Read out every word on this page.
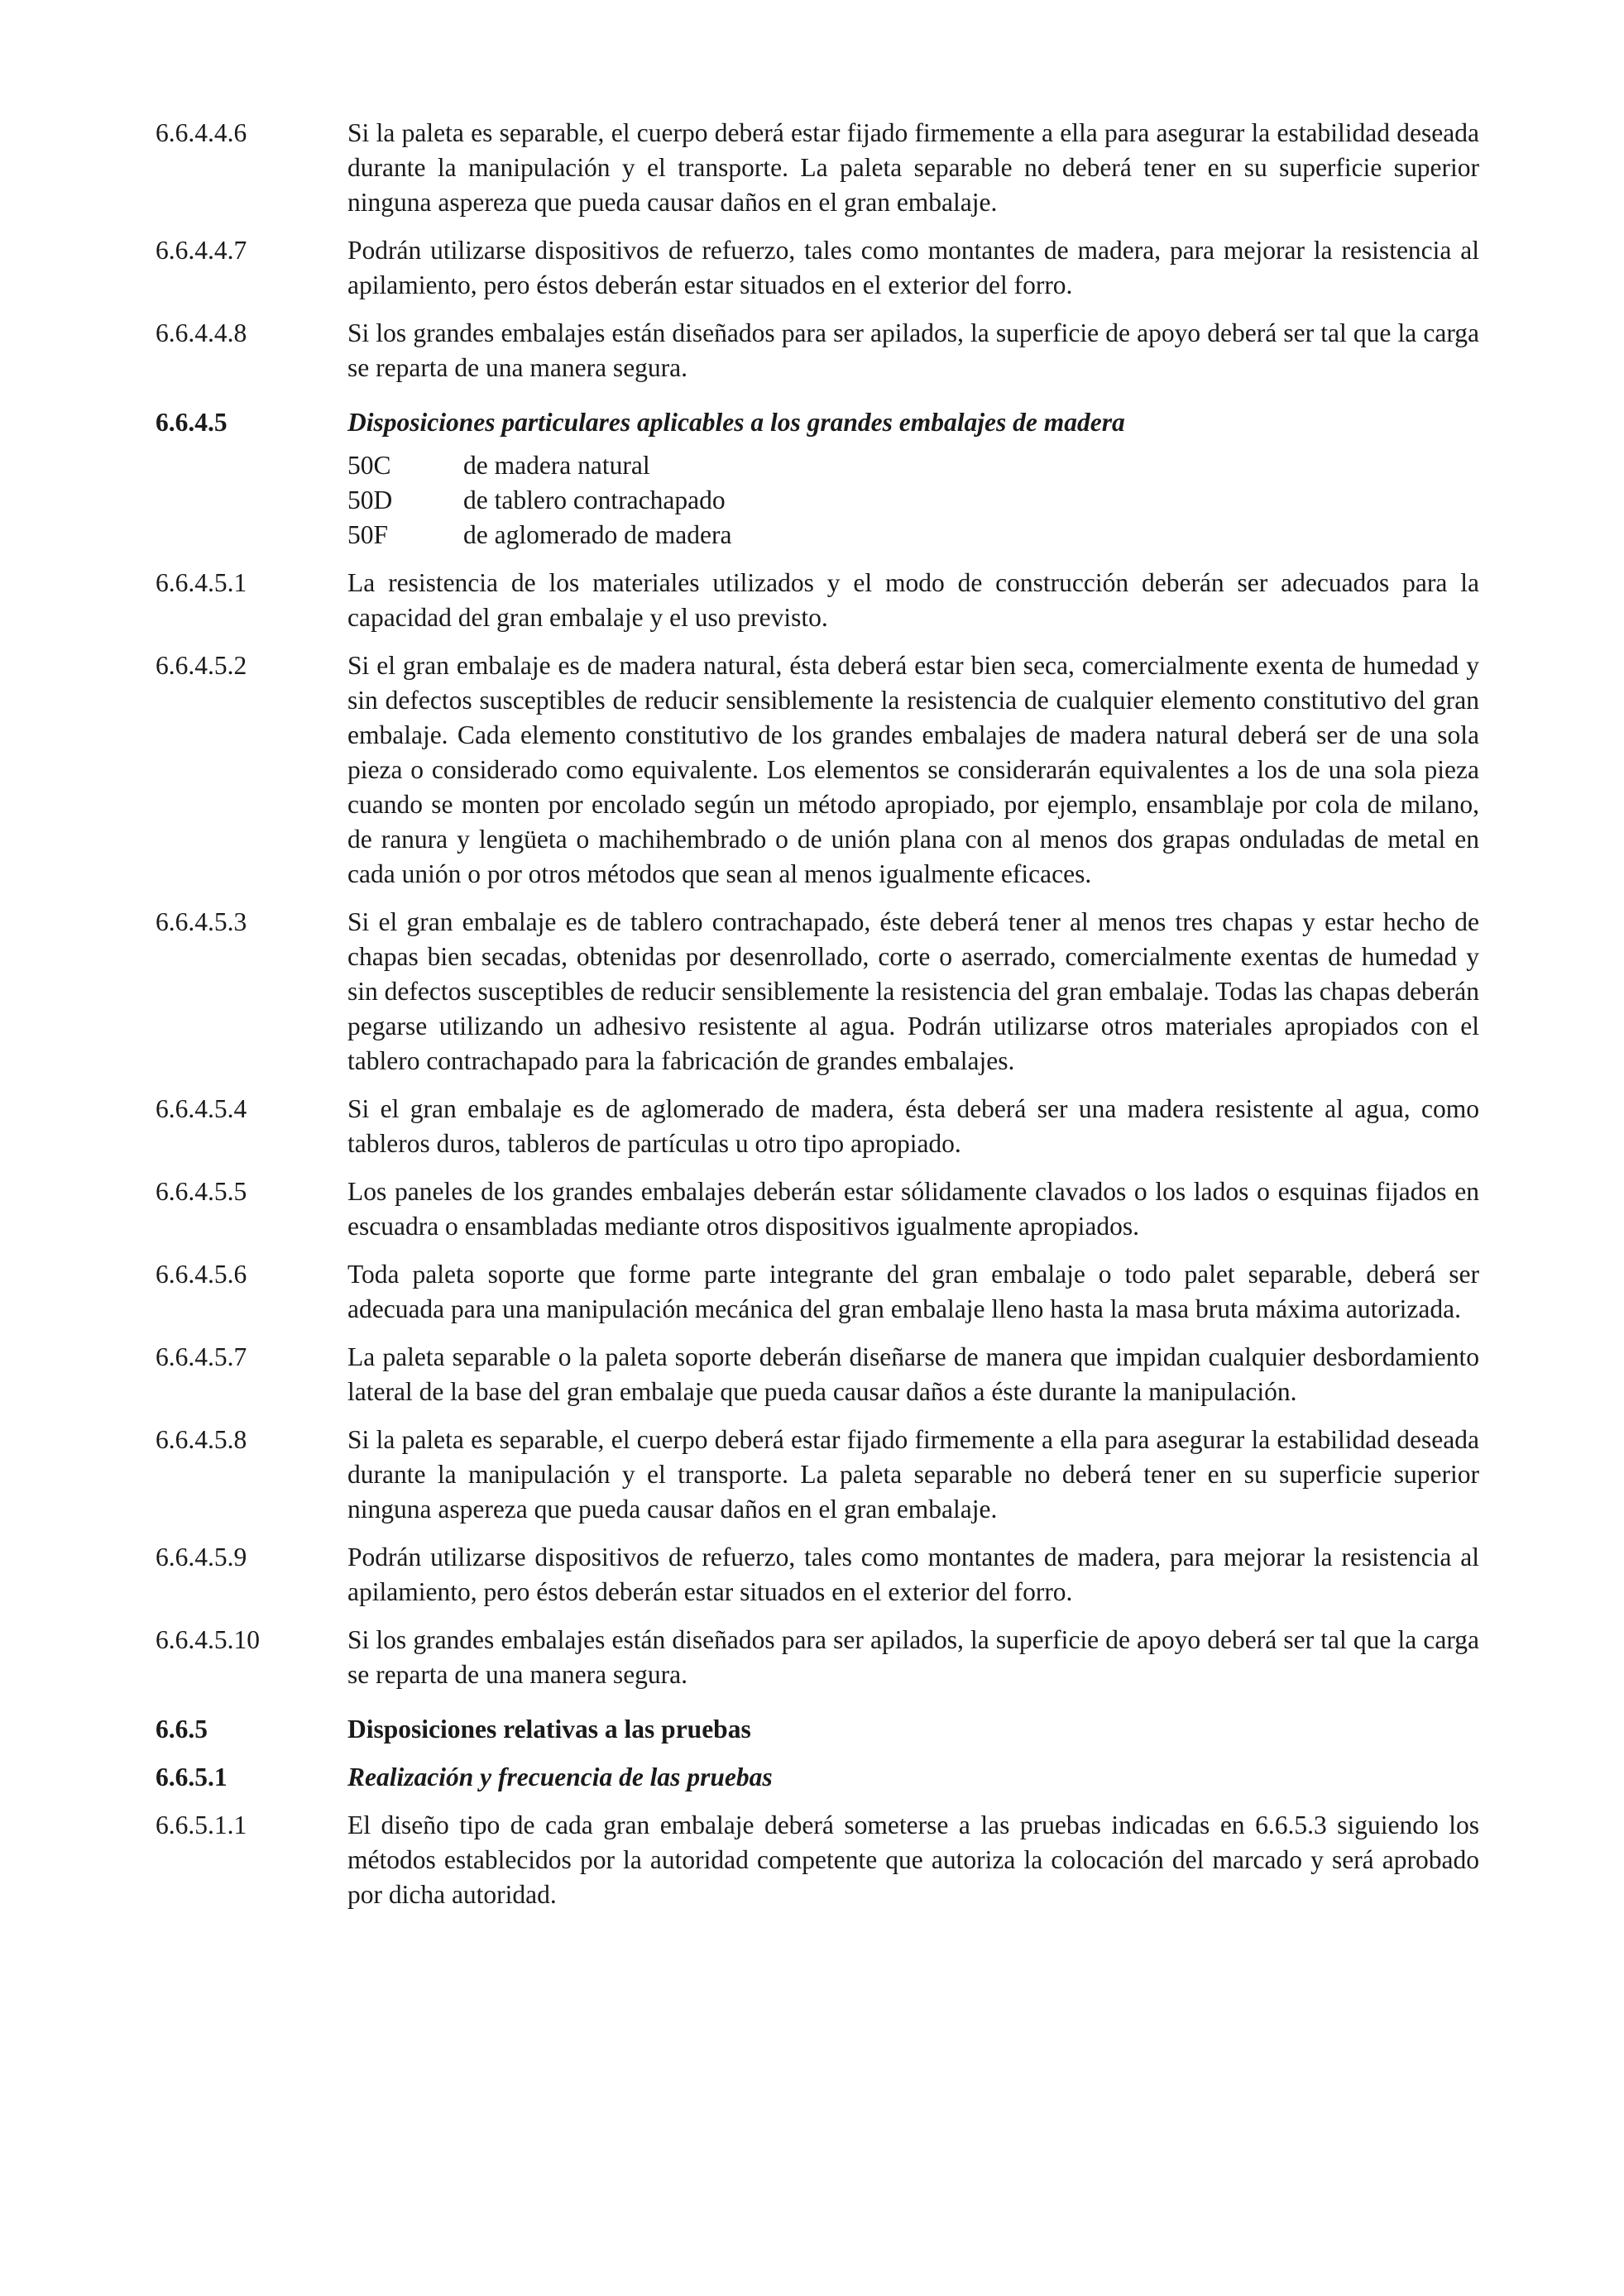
6.6.4.4.6	Si la paleta es separable, el cuerpo deberá estar fijado firmemente a ella para asegurar la estabilidad deseada durante la manipulación y el transporte. La paleta separable no deberá tener en su superficie superior ninguna aspereza que pueda causar daños en el gran embalaje.
6.6.4.4.7	Podrán utilizarse dispositivos de refuerzo, tales como montantes de madera, para mejorar la resistencia al apilamiento, pero éstos deberán estar situados en el exterior del forro.
6.6.4.4.8	Si los grandes embalajes están diseñados para ser apilados, la superficie de apoyo deberá ser tal que la carga se reparta de una manera segura.
6.6.4.5	Disposiciones particulares aplicables a los grandes embalajes de madera
50C	de madera natural
50D	de tablero contrachapado
50F	de aglomerado de madera
6.6.4.5.1	La resistencia de los materiales utilizados y el modo de construcción deberán ser adecuados para la capacidad del gran embalaje y el uso previsto.
6.6.4.5.2	Si el gran embalaje es de madera natural, ésta deberá estar bien seca, comercialmente exenta de humedad y sin defectos susceptibles de reducir sensiblemente la resistencia de cualquier elemento constitutivo del gran embalaje. Cada elemento constitutivo de los grandes embalajes de madera natural deberá ser de una sola pieza o considerado como equivalente. Los elementos se considerarán equivalentes a los de una sola pieza cuando se monten por encolado según un método apropiado, por ejemplo, ensamblaje por cola de milano, de ranura y lengüeta o machihembrado o de unión plana con al menos dos grapas onduladas de metal en cada unión o por otros métodos que sean al menos igualmente eficaces.
6.6.4.5.3	Si el gran embalaje es de tablero contrachapado, éste deberá tener al menos tres chapas y estar hecho de chapas bien secadas, obtenidas por desenrollado, corte o aserrado, comercialmente exentas de humedad y sin defectos susceptibles de reducir sensiblemente la resistencia del gran embalaje. Todas las chapas deberán pegarse utilizando un adhesivo resistente al agua. Podrán utilizarse otros materiales apropiados con el tablero contrachapado para la fabricación de grandes embalajes.
6.6.4.5.4	Si el gran embalaje es de aglomerado de madera, ésta deberá ser una madera resistente al agua, como tableros duros, tableros de partículas u otro tipo apropiado.
6.6.4.5.5	Los paneles de los grandes embalajes deberán estar sólidamente clavados o los lados o esquinas fijados en escuadra o ensambladas mediante otros dispositivos igualmente apropiados.
6.6.4.5.6	Toda paleta soporte que forme parte integrante del gran embalaje o todo palet separable, deberá ser adecuada para una manipulación mecánica del gran embalaje lleno hasta la masa bruta máxima autorizada.
6.6.4.5.7	La paleta separable o la paleta soporte deberán diseñarse de manera que impidan cualquier desbordamiento lateral de la base del gran embalaje que pueda causar daños a éste durante la manipulación.
6.6.4.5.8	Si la paleta es separable, el cuerpo deberá estar fijado firmemente a ella para asegurar la estabilidad deseada durante la manipulación y el transporte. La paleta separable no deberá tener en su superficie superior ninguna aspereza que pueda causar daños en el gran embalaje.
6.6.4.5.9	Podrán utilizarse dispositivos de refuerzo, tales como montantes de madera, para mejorar la resistencia al apilamiento, pero éstos deberán estar situados en el exterior del forro.
6.6.4.5.10	Si los grandes embalajes están diseñados para ser apilados, la superficie de apoyo deberá ser tal que la carga se reparta de una manera segura.
6.6.5	Disposiciones relativas a las pruebas
6.6.5.1	Realización y frecuencia de las pruebas
6.6.5.1.1	El diseño tipo de cada gran embalaje deberá someterse a las pruebas indicadas en 6.6.5.3 siguiendo los métodos establecidos por la autoridad competente que autoriza la colocación del marcado y será aprobado por dicha autoridad.
